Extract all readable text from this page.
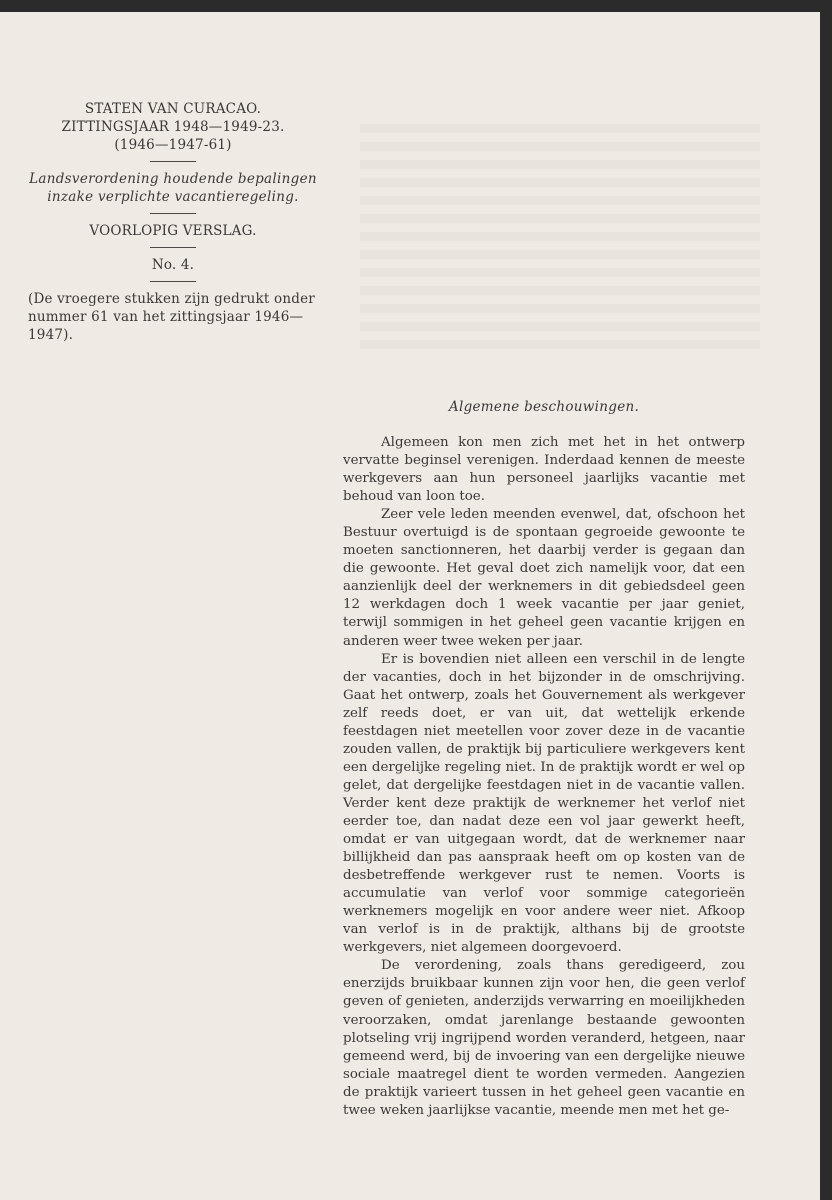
STATEN VAN CURACAO.
ZITTINGSJAAR 1948—1949-23.
(1946—1947-61)
Landsverordening houdende bepalingen
inzake verplichte vacantieregeling.
VOORLOPIG VERSLAG.
No. 4.
(De vroegere stukken zijn gedrukt onder nummer 61 van het zittingsjaar 1946—1947).
Algemene beschouwingen.

Algemeen kon men zich met het in het ontwerp vervatte beginsel verenigen. Inderdaad kennen de meeste werkgevers aan hun personeel jaarlijks vacantie met behoud van loon toe.

Zeer vele leden meenden evenwel, dat, ofschoon het Bestuur overtuigd is de spontaan gegroeide gewoonte te moeten sanctionneren, het daarbij verder is gegaan dan die gewoonte. Het geval doet zich namelijk voor, dat een aanzienlijk deel der werknemers in dit gebiedsdeel geen 12 werkdagen doch 1 week vacantie per jaar geniet, terwijl sommigen in het geheel geen vacantie krijgen en anderen weer twee weken per jaar.

Er is bovendien niet alleen een verschil in de lengte der vacanties, doch in het bijzonder in de omschrijving. Gaat het ontwerp, zoals het Gouvernement als werkgever zelf reeds doet, er van uit, dat wettelijk erkende feestdagen niet meetellen voor zover deze in de vacantie zouden vallen, de praktijk bij particuliere werkgevers kent een dergelijke regeling niet. In de praktijk wordt er wel op gelet, dat dergelijke feestdagen niet in de vacantie vallen. Verder kent deze praktijk de werknemer het verlof niet eerder toe, dan nadat deze een vol jaar gewerkt heeft, omdat er van uitgegaan wordt, dat de werknemer naar billijkheid dan pas aanspraak heeft om op kosten van de desbetreffende werkgever rust te nemen. Voorts is accumulatie van verlof voor sommige categorieën werknemers mogelijk en voor andere weer niet. Afkoop van verlof is in de praktijk, althans bij de grootste werkgevers, niet algemeen doorgevoerd.

De verordening, zoals thans geredigeerd, zou enerzijds bruikbaar kunnen zijn voor hen, die geen verlof geven of genieten, anderzijds verwarring en moeilijkheden veroorzaken, omdat jarenlange bestaande gewoonten plotseling vrij ingrijpend worden veranderd, hetgeen, naar gemeend werd, bij de invoering van een dergelijke nieuwe sociale maatregel dient te worden vermeden. Aangezien de praktijk varieert tussen in het geheel geen vacantie en twee weken jaarlijkse vacantie, meende men met het ge-
